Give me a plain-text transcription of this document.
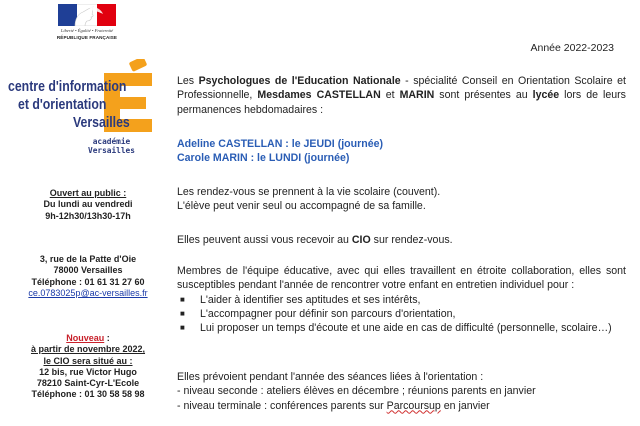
Liberté • Égalité • Fraternité
RÉPUBLIQUE FRANÇAISE
Année 2022-2023
centre d'information
et d'orientation
Versailles
académie
Versailles
Ouvert au public :
Du lundi au vendredi
9h-12h30/13h30-17h
3, rue de la Patte d'Oie
78000 Versailles
Téléphone : 01 61 31 27 60
ce.0783025p@ac-versailles.fr
Nouveau :
à partir de novembre 2022,
le CIO sera situé au :
12 bis, rue Victor Hugo
78210 Saint-Cyr-L'Ecole
Téléphone : 01 30 58 58 98
Les Psychologues de l'Education Nationale - spécialité Conseil en Orientation Scolaire et Professionnelle, Mesdames CASTELLAN et MARIN sont présentes au lycée lors de leurs permanences hebdomadaires :
Adeline CASTELLAN : le JEUDI (journée)
Carole MARIN : le LUNDI (journée)
Les rendez-vous se prennent à la vie scolaire (couvent).
L'élève peut venir seul ou accompagné de sa famille.
Elles peuvent aussi vous recevoir au CIO sur rendez-vous.
Membres de l'équipe éducative, avec qui elles travaillent en étroite collaboration, elles sont susceptibles pendant l'année de rencontrer votre enfant en entretien individuel pour :
■ L'aider à identifier ses aptitudes et ses intérêts,
■ L'accompagner pour définir son parcours d'orientation,
■ Lui proposer un temps d'écoute et une aide en cas de difficulté (personnelle, scolaire…)
Elles prévoient pendant l'année des séances liées à l'orientation :
- niveau seconde : ateliers élèves en décembre ; réunions parents en janvier
- niveau terminale : conférences parents sur Parcoursup en janvier
